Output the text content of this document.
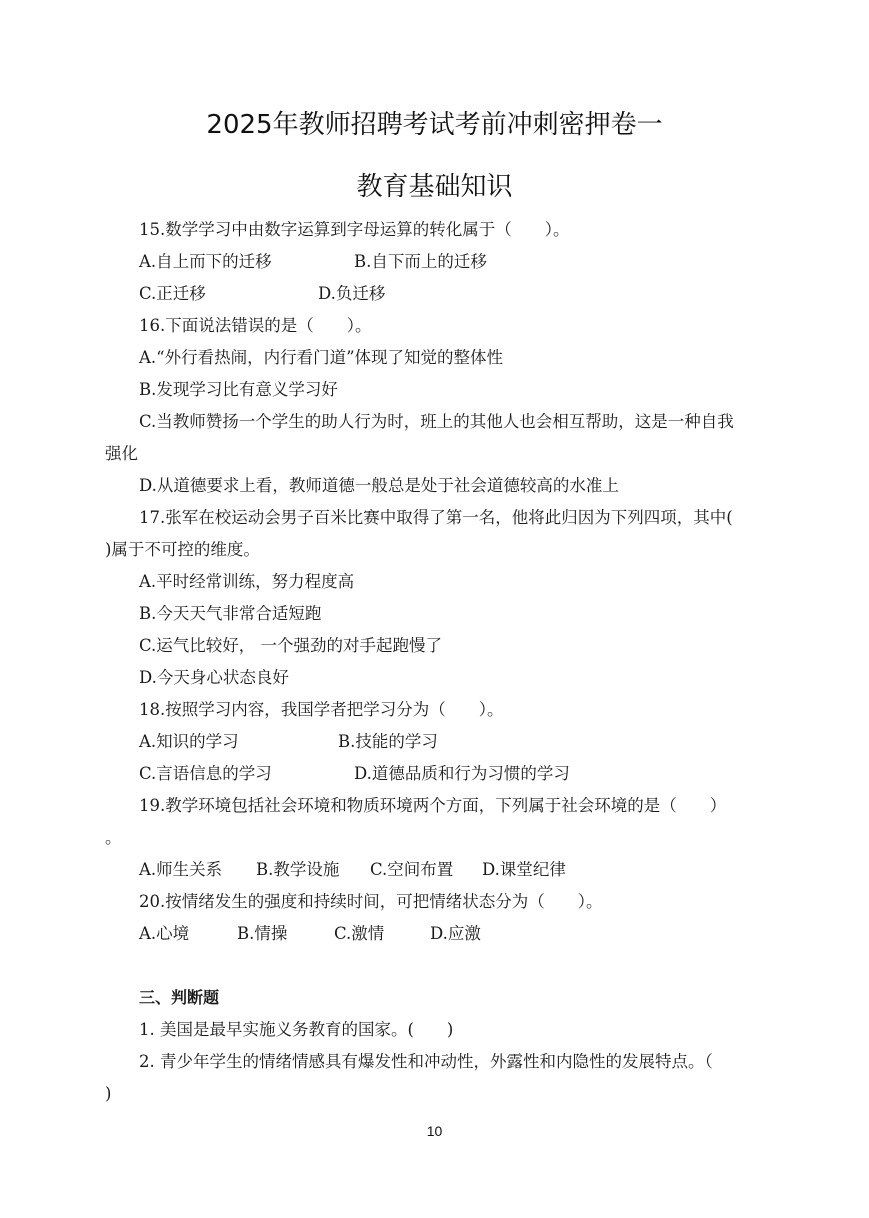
2025年教师招聘考试考前冲刺密押卷一
教育基础知识
15.数学学习中由数字运算到字母运算的转化属于（　　）。
A.自上而下的迁移	B.自下而上的迁移
C.正迁移	D.负迁移
16.下面说法错误的是（　　）。
A.“外行看热闹，内行看门道”体现了知觉的整体性
B.发现学习比有意义学习好
C.当教师赞扬一个学生的助人行为时，班上的其他人也会相互帮助，这是一种自我
强化
D.从道德要求上看，教师道德一般总是处于社会道德较高的水准上
17.张军在校运动会男子百米比赛中取得了第一名，他将此归因为下列四项，其中(
)属于不可控的维度。
A.平时经常训练，努力程度高
B.今天天气非常合适短跑
C.运气比较好， 一个强劲的对手起跑慢了
D.今天身心状态良好
18.按照学习内容，我国学者把学习分为（　　）。
A.知识的学习	B.技能的学习
C.言语信息的学习	D.道德品质和行为习惯的学习
19.教学环境包括社会环境和物质环境两个方面，下列属于社会环境的是（　　）
。
A.师生关系 B.教学设施 C.空间布置 D.课堂纪律
20.按情绪发生的强度和持续时间，可把情绪状态分为（　　）。
A.心境	B.情操	C.激情	D.应激
三、判断题
1. 美国是最早实施义务教育的国家。(　　)
2. 青少年学生的情绪情感具有爆发性和冲动性，外露性和内隐性的发展特点。（
)
10
